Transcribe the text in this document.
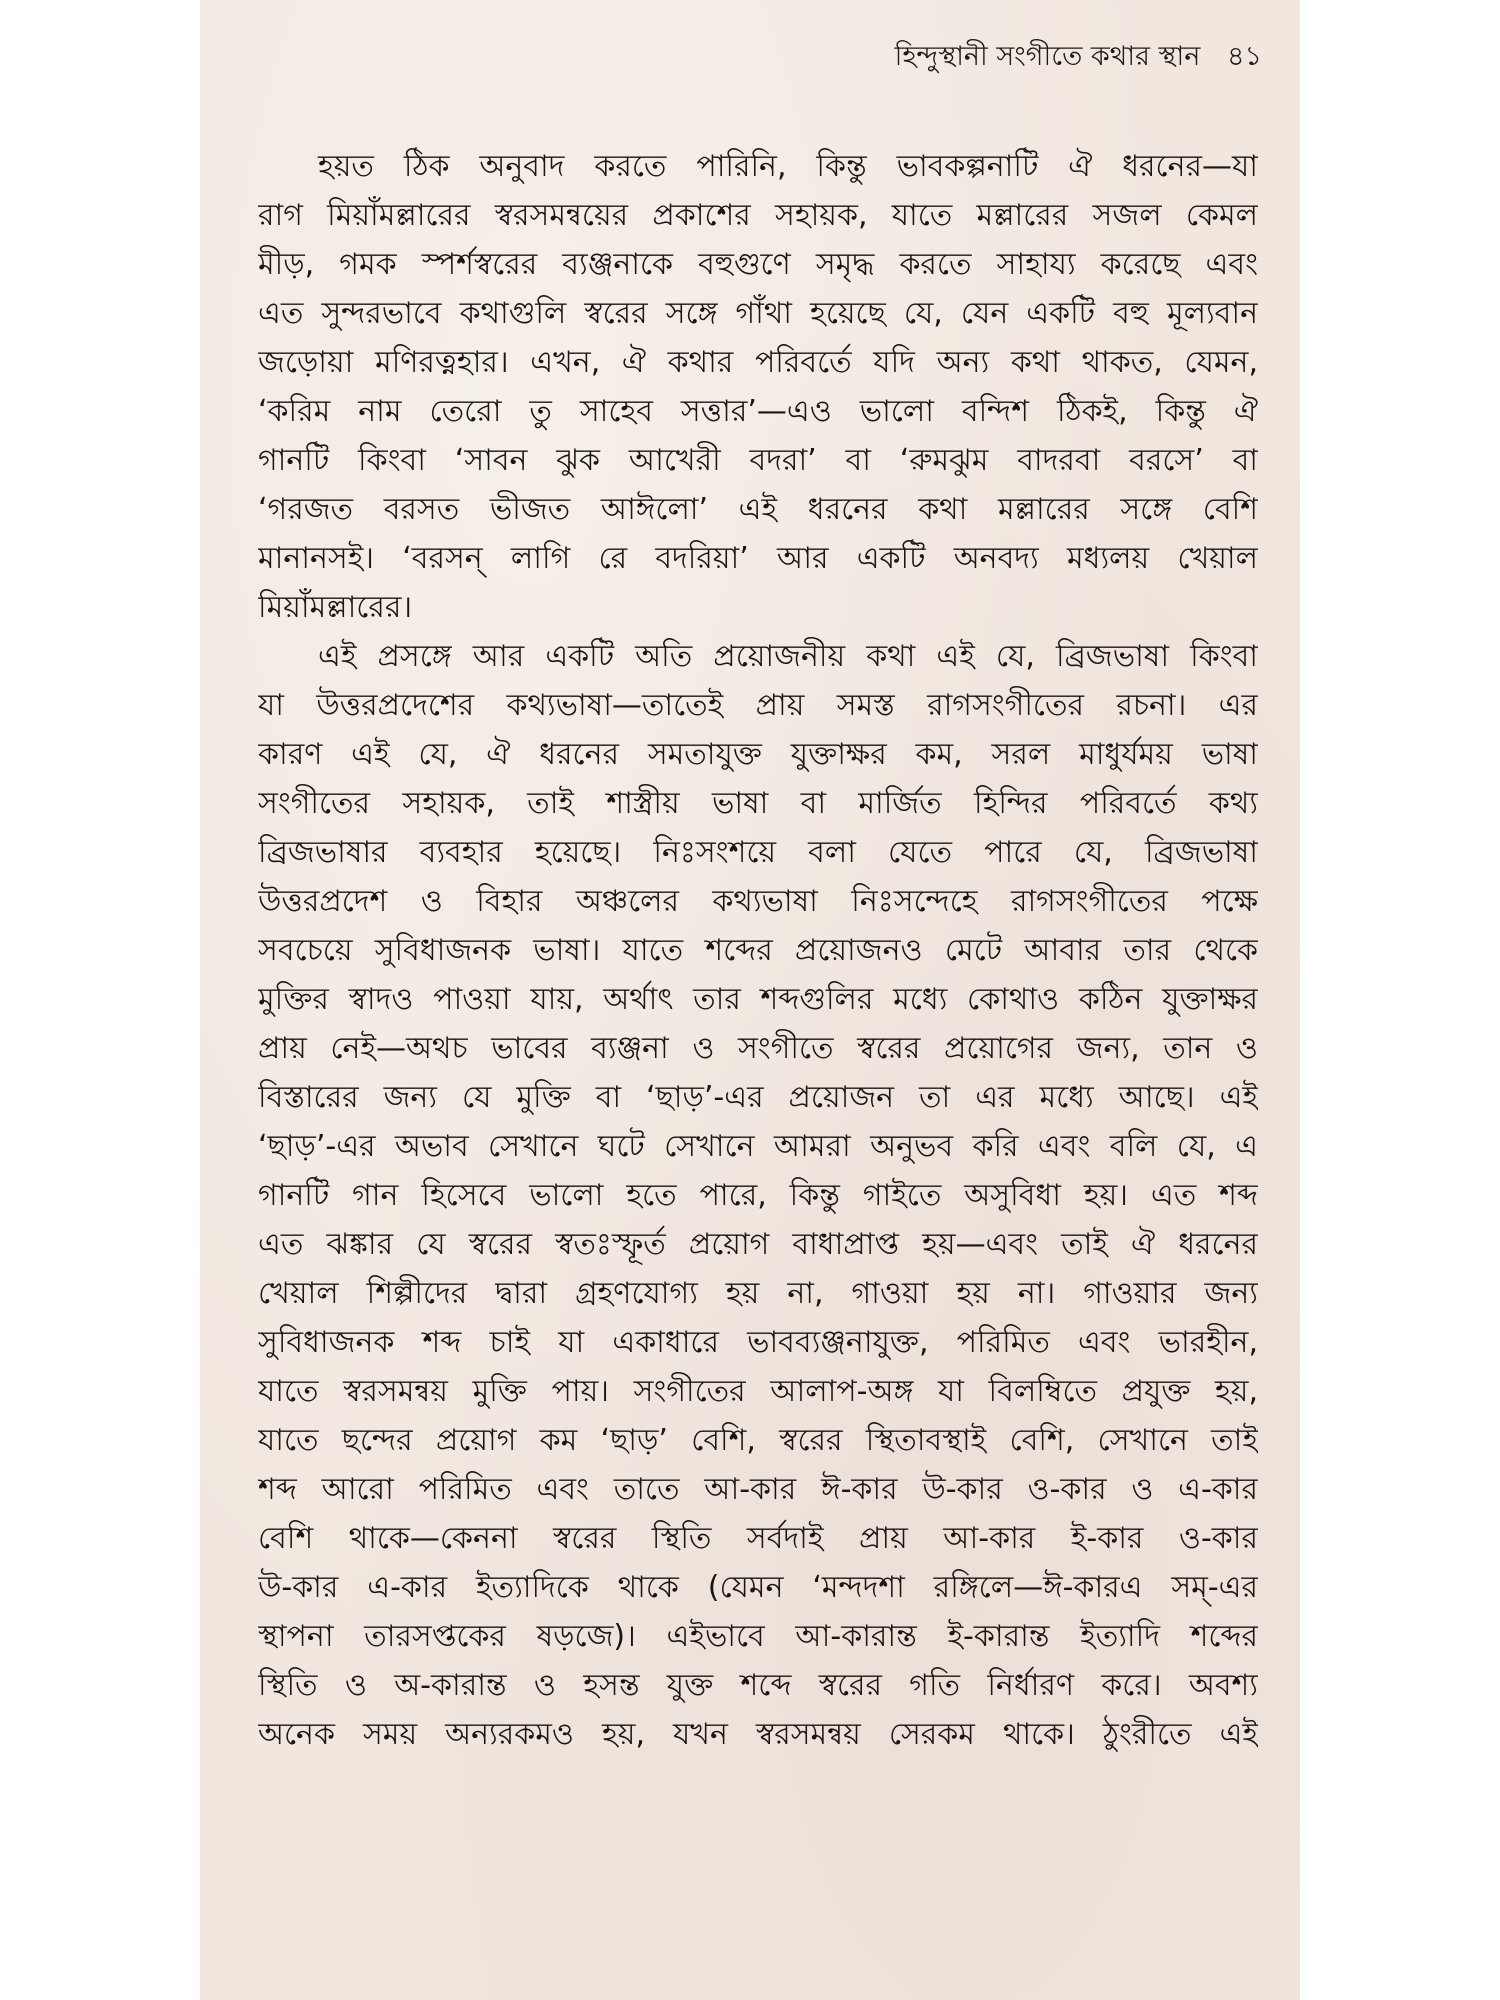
হিন্দুস্থানী সংগীতে কথার স্থান ৪১
হয়ত ঠিক অনুবাদ করতে পারিনি, কিন্তু ভাবকল্পনাটি ঐ ধরনের—যা
রাগ মিয়াঁমল্লারের স্বরসমন্বয়ের প্রকাশের সহায়ক, যাতে মল্লারের সজল কেমল
মীড়, গমক স্পর্শস্বরের ব্যঞ্জনাকে বহুগুণে সমৃদ্ধ করতে সাহায্য করেছে এবং
এত সুন্দরভাবে কথাগুলি স্বরের সঙ্গে গাঁথা হয়েছে যে, যেন একটি বহু মূল্যবান
জড়োয়া মণিরত্নহার। এখন, ঐ কথার পরিবর্তে যদি অন্য কথা থাকত, যেমন,
‘করিম নাম তেরো তু সাহেব সত্তার’—এও ভালো বন্দিশ ঠিকই, কিন্তু ঐ
গানটি কিংবা ‘সাবন ঝুক আখেরী বদরা’ বা ‘রুমঝুম বাদরবা বরসে’ বা
‘গরজত বরসত ভীজত আঈলো’ এই ধরনের কথা মল্লারের সঙ্গে বেশি
মানানসই। ‘বরসন্ লাগি রে বদরিয়া’ আর একটি অনবদ্য মধ্যলয় খেয়াল
মিয়াঁমল্লারের।
এই প্রসঙ্গে আর একটি অতি প্রয়োজনীয় কথা এই যে, ব্রিজভাষা কিংবা
যা উত্তরপ্রদেশের কথ্যভাষা—তাতেই প্রায় সমস্ত রাগসংগীতের রচনা। এর
কারণ এই যে, ঐ ধরনের সমতাযুক্ত যুক্তাক্ষর কম, সরল মাধুর্যময় ভাষা
সংগীতের সহায়ক, তাই শাস্ত্রীয় ভাষা বা মার্জিত হিন্দির পরিবর্তে কথ্য
ব্রিজভাষার ব্যবহার হয়েছে। নিঃসংশয়ে বলা যেতে পারে যে, ব্রিজভাষা
উত্তরপ্রদেশ ও বিহার অঞ্চলের কথ্যভাষা নিঃসন্দেহে রাগসংগীতের পক্ষে
সবচেয়ে সুবিধাজনক ভাষা। যাতে শব্দের প্রয়োজনও মেটে আবার তার থেকে
মুক্তির স্বাদও পাওয়া যায়, অর্থাৎ তার শব্দগুলির মধ্যে কোথাও কঠিন যুক্তাক্ষর
প্রায় নেই—অথচ ভাবের ব্যঞ্জনা ও সংগীতে স্বরের প্রয়োগের জন্য, তান ও
বিস্তারের জন্য যে মুক্তি বা ‘ছাড়’-এর প্রয়োজন তা এর মধ্যে আছে। এই
‘ছাড়’-এর অভাব সেখানে ঘটে সেখানে আমরা অনুভব করি এবং বলি যে, এ
গানটি গান হিসেবে ভালো হতে পারে, কিন্তু গাইতে অসুবিধা হয়। এত শব্দ
এত ঝঙ্কার যে স্বরের স্বতঃস্ফূর্ত প্রয়োগ বাধাপ্রাপ্ত হয়—এবং তাই ঐ ধরনের
খেয়াল শিল্পীদের দ্বারা গ্রহণযোগ্য হয় না, গাওয়া হয় না। গাওয়ার জন্য
সুবিধাজনক শব্দ চাই যা একাধারে ভাবব্যঞ্জনাযুক্ত, পরিমিত এবং ভারহীন,
যাতে স্বরসমন্বয় মুক্তি পায়। সংগীতের আলাপ-অঙ্গ যা বিলম্বিতে প্রযুক্ত হয়,
যাতে ছন্দের প্রয়োগ কম ‘ছাড়’ বেশি, স্বরের স্থিতাবস্থাই বেশি, সেখানে তাই
শব্দ আরো পরিমিত এবং তাতে আ-কার ঈ-কার উ-কার ও-কার ও এ-কার
বেশি থাকে—কেননা স্বরের স্থিতি সর্বদাই প্রায় আ-কার ই-কার ও-কার
উ-কার এ-কার ইত্যাদিকে থাকে (যেমন ‘মন্দদশা রঙ্গিলে—ঈ-কারএ সম্-এর
স্থাপনা তারসপ্তকের ষড়জে)। এইভাবে আ-কারান্ত ই-কারান্ত ইত্যাদি শব্দের
স্থিতি ও অ-কারান্ত ও হসন্ত যুক্ত শব্দে স্বরের গতি নির্ধারণ করে। অবশ্য
অনেক সময় অন্যরকমও হয়, যখন স্বরসমন্বয় সেরকম থাকে। ঠুংরীতে এই
